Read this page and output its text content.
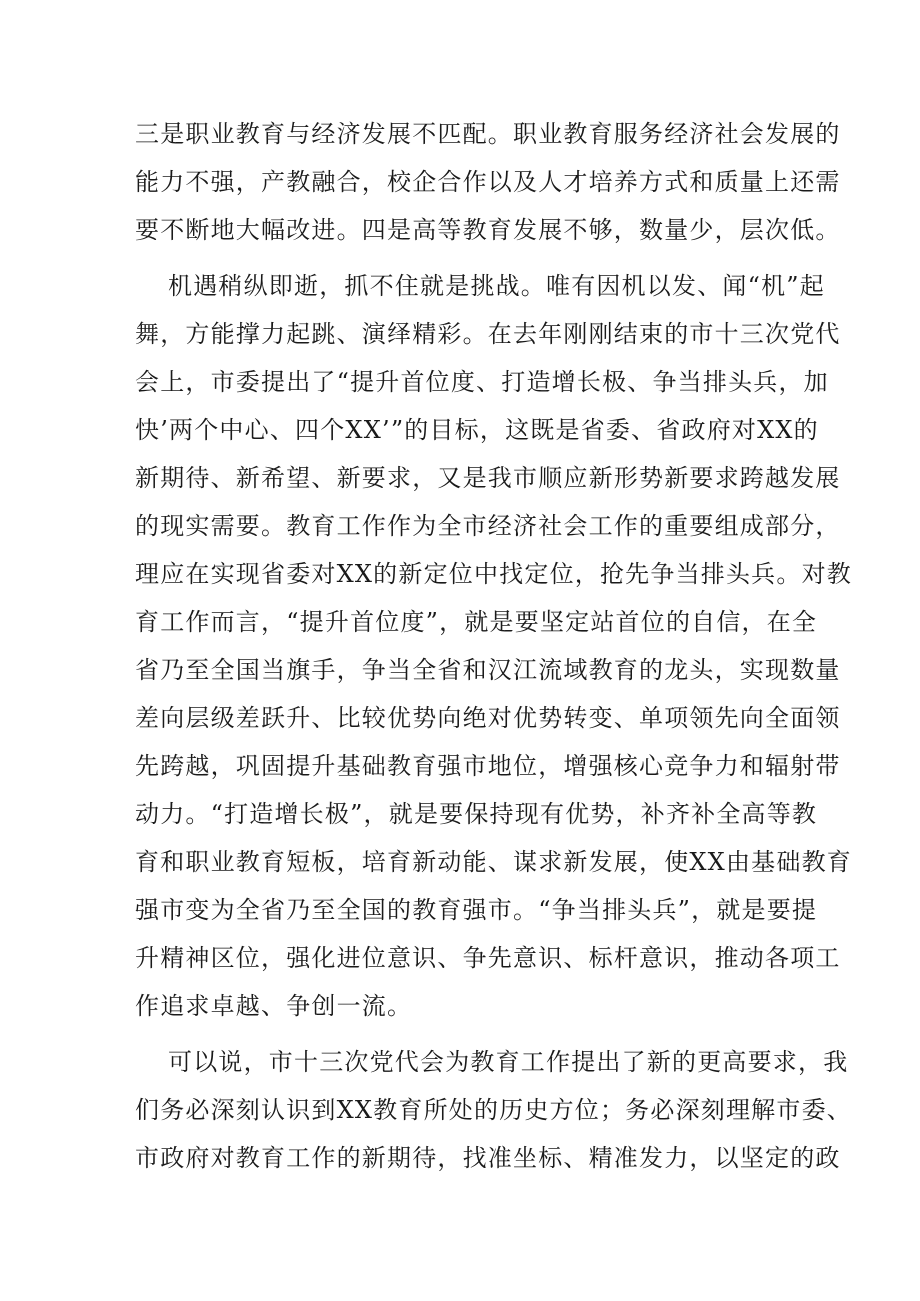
三是职业教育与经济发展不匹配。职业教育服务经济社会发展的
能力不强，产教融合，校企合作以及人才培养方式和质量上还需
要不断地大幅改进。四是高等教育发展不够，数量少，层次低。
机遇稍纵即逝，抓不住就是挑战。唯有因机以发、闻“机”起
舞，方能撑力起跳、演绎精彩。在去年刚刚结束的市十三次党代
会上，市委提出了“提升首位度、打造增长极、争当排头兵，加
快’两个中心、四个XX’”的目标，这既是省委、省政府对XX的
新期待、新希望、新要求，又是我市顺应新形势新要求跨越发展
的现实需要。教育工作作为全市经济社会工作的重要组成部分，
理应在实现省委对XX的新定位中找定位，抢先争当排头兵。对教
育工作而言，“提升首位度”，就是要坚定站首位的自信，在全
省乃至全国当旗手，争当全省和汉江流域教育的龙头，实现数量
差向层级差跃升、比较优势向绝对优势转变、单项领先向全面领
先跨越，巩固提升基础教育强市地位，增强核心竞争力和辐射带
动力。“打造增长极”，就是要保持现有优势，补齐补全高等教
育和职业教育短板，培育新动能、谋求新发展，使XX由基础教育
强市变为全省乃至全国的教育强市。“争当排头兵”，就是要提
升精神区位，强化进位意识、争先意识、标杆意识，推动各项工
作追求卓越、争创一流。
可以说，市十三次党代会为教育工作提出了新的更高要求，我
们务必深刻认识到XX教育所处的历史方位；务必深刻理解市委、
市政府对教育工作的新期待，找准坐标、精准发力，以坚定的政
